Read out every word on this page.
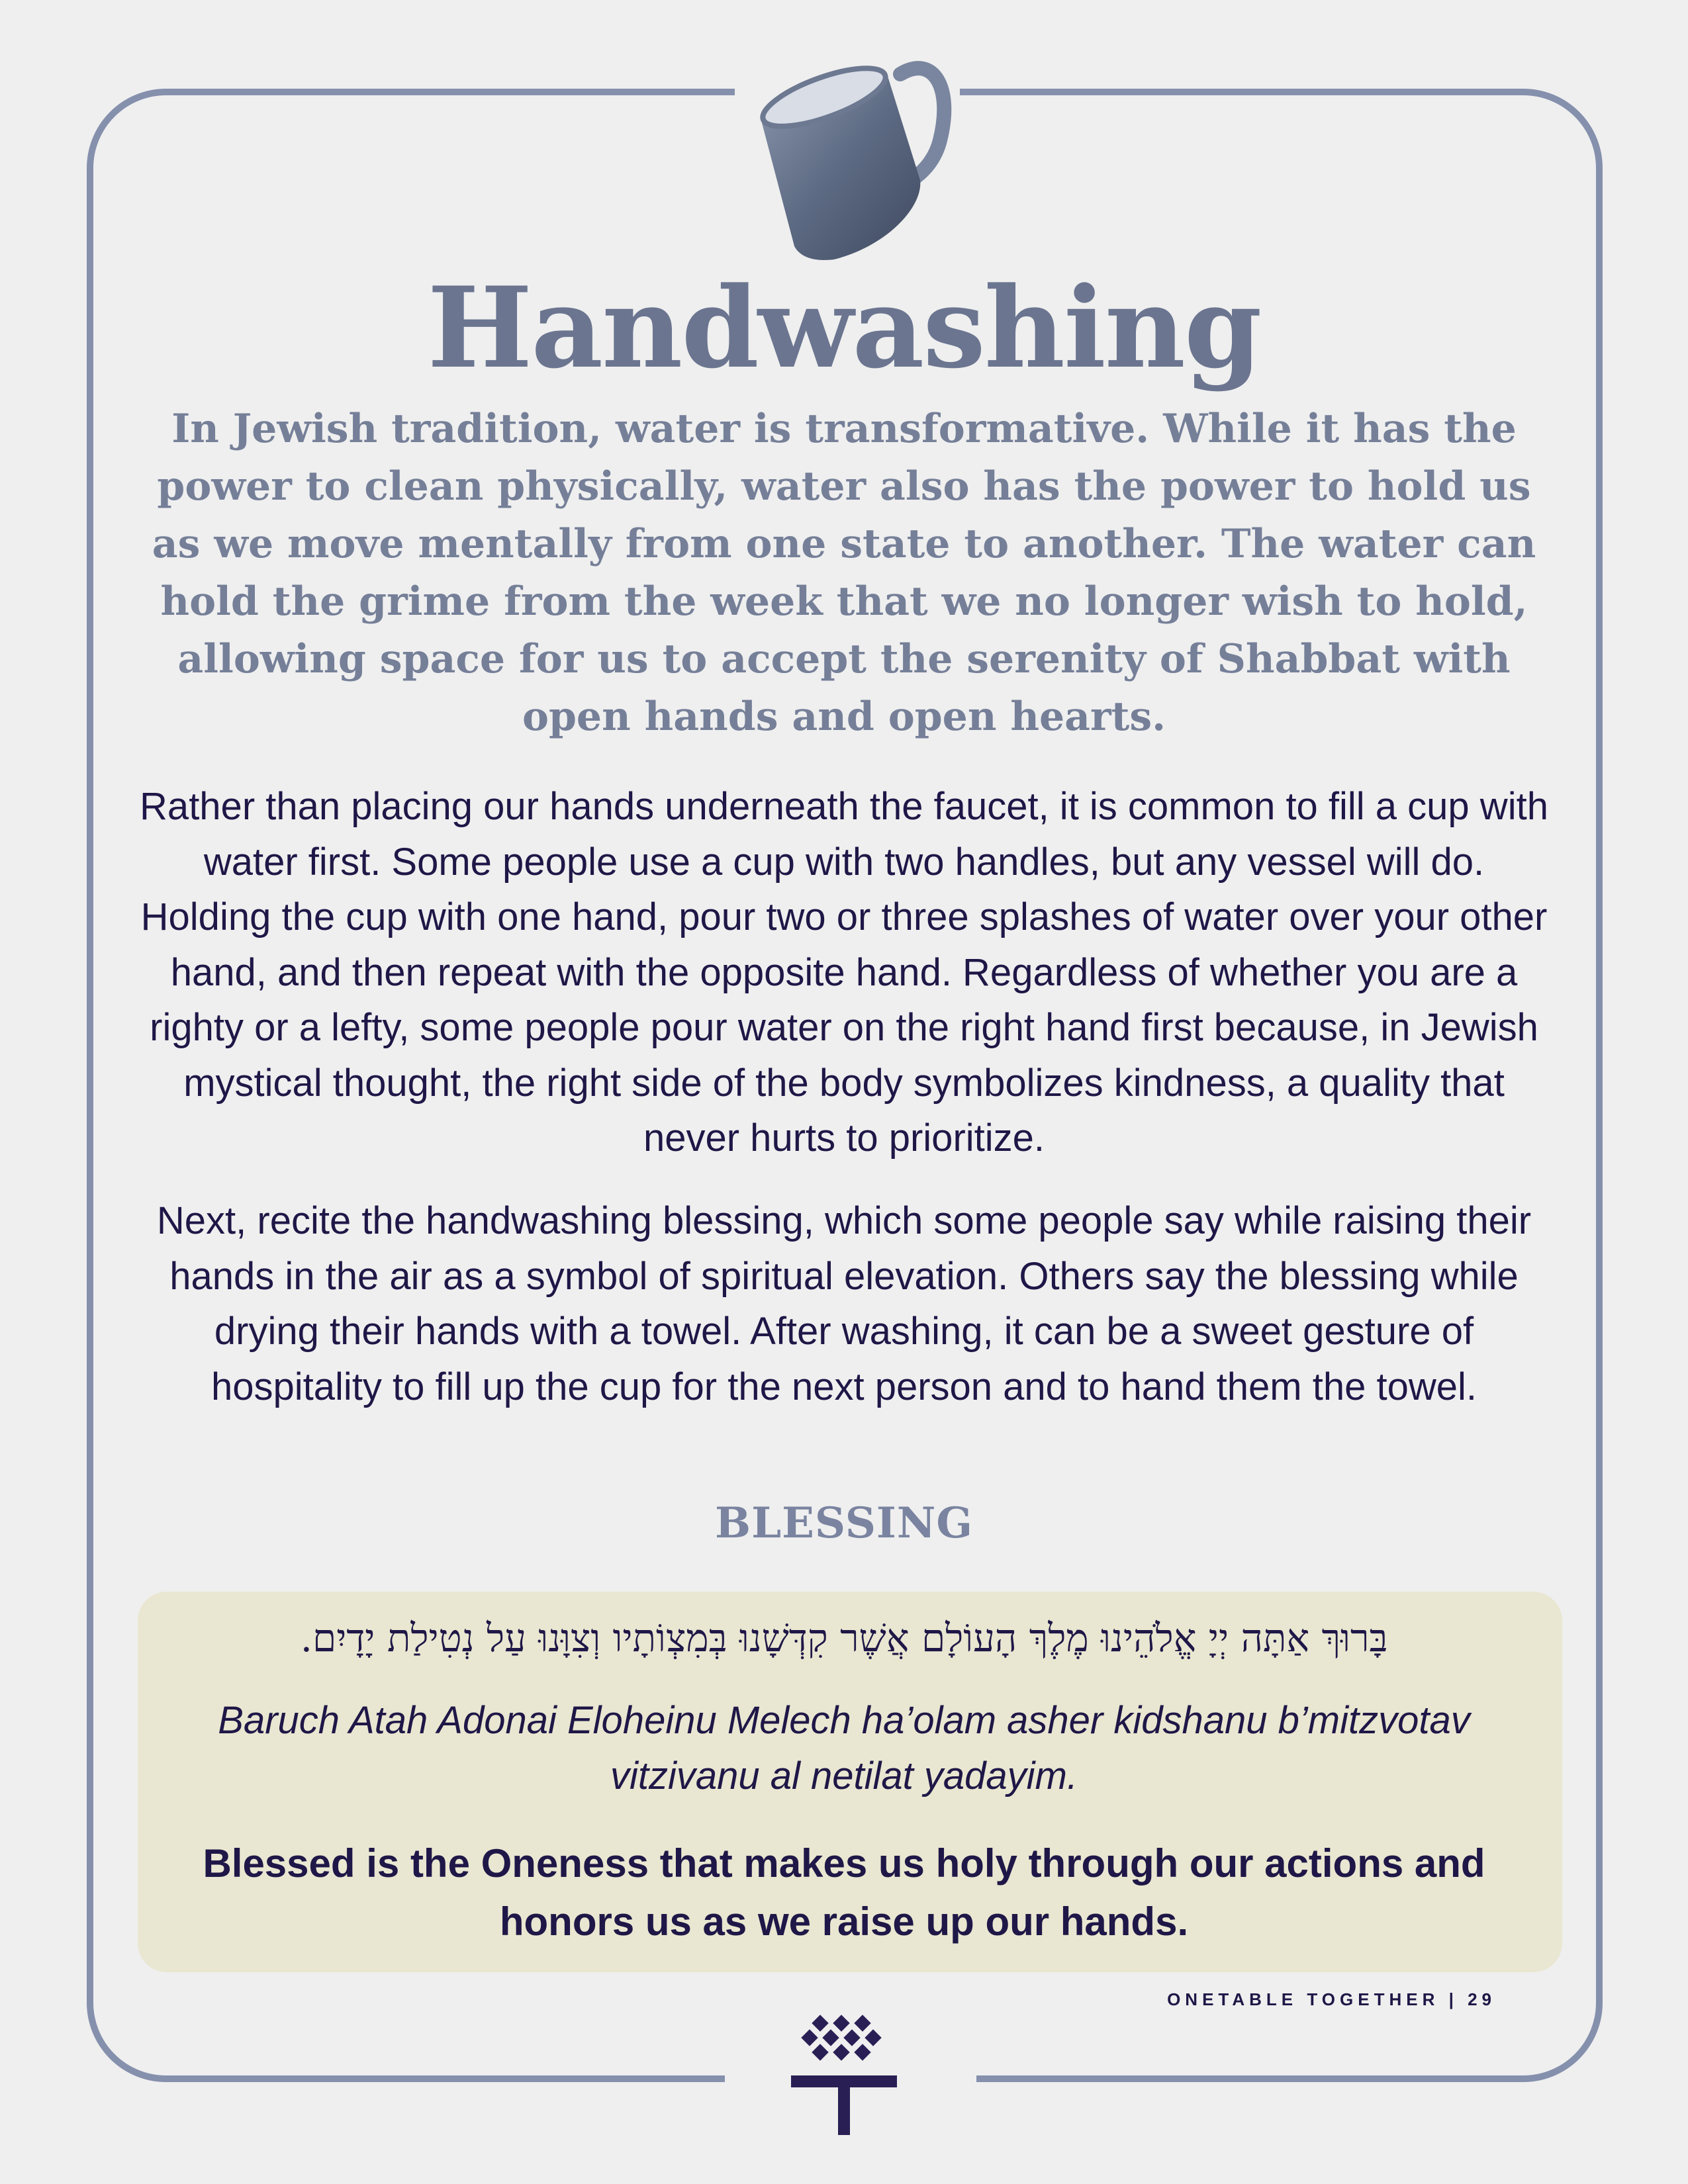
Handwashing
In Jewish tradition, water is transformative. While it has the power to clean physically, water also has the power to hold us as we move mentally from one state to another. The water can hold the grime from the week that we no longer wish to hold, allowing space for us to accept the serenity of Shabbat with open hands and open hearts.
Rather than placing our hands underneath the faucet, it is common to fill a cup with water first. Some people use a cup with two handles, but any vessel will do. Holding the cup with one hand, pour two or three splashes of water over your other hand, and then repeat with the opposite hand. Regardless of whether you are a righty or a lefty, some people pour water on the right hand first because, in Jewish mystical thought, the right side of the body symbolizes kindness, a quality that never hurts to prioritize.
Next, recite the handwashing blessing, which some people say while raising their hands in the air as a symbol of spiritual elevation. Others say the blessing while drying their hands with a towel. After washing, it can be a sweet gesture of hospitality to fill up the cup for the next person and to hand them the towel.
BLESSING
בָּרוּךְ אַתָּה יְיָ אֱלֹהֵינוּ מֶלֶךְ הָעוֹלָם אֲשֶׁר קִדְּשָׁנוּ בְּמִצְוֹתָיו וְצִוָּנוּ עַל נְטִילַת יָדָיִם.
Baruch Atah Adonai Eloheinu Melech ha’olam asher kidshanu b’mitzvotav vitzivanu al netilat yadayim.
Blessed is the Oneness that makes us holy through our actions and honors us as we raise up our hands.
ONETABLE TOGETHER | 29
